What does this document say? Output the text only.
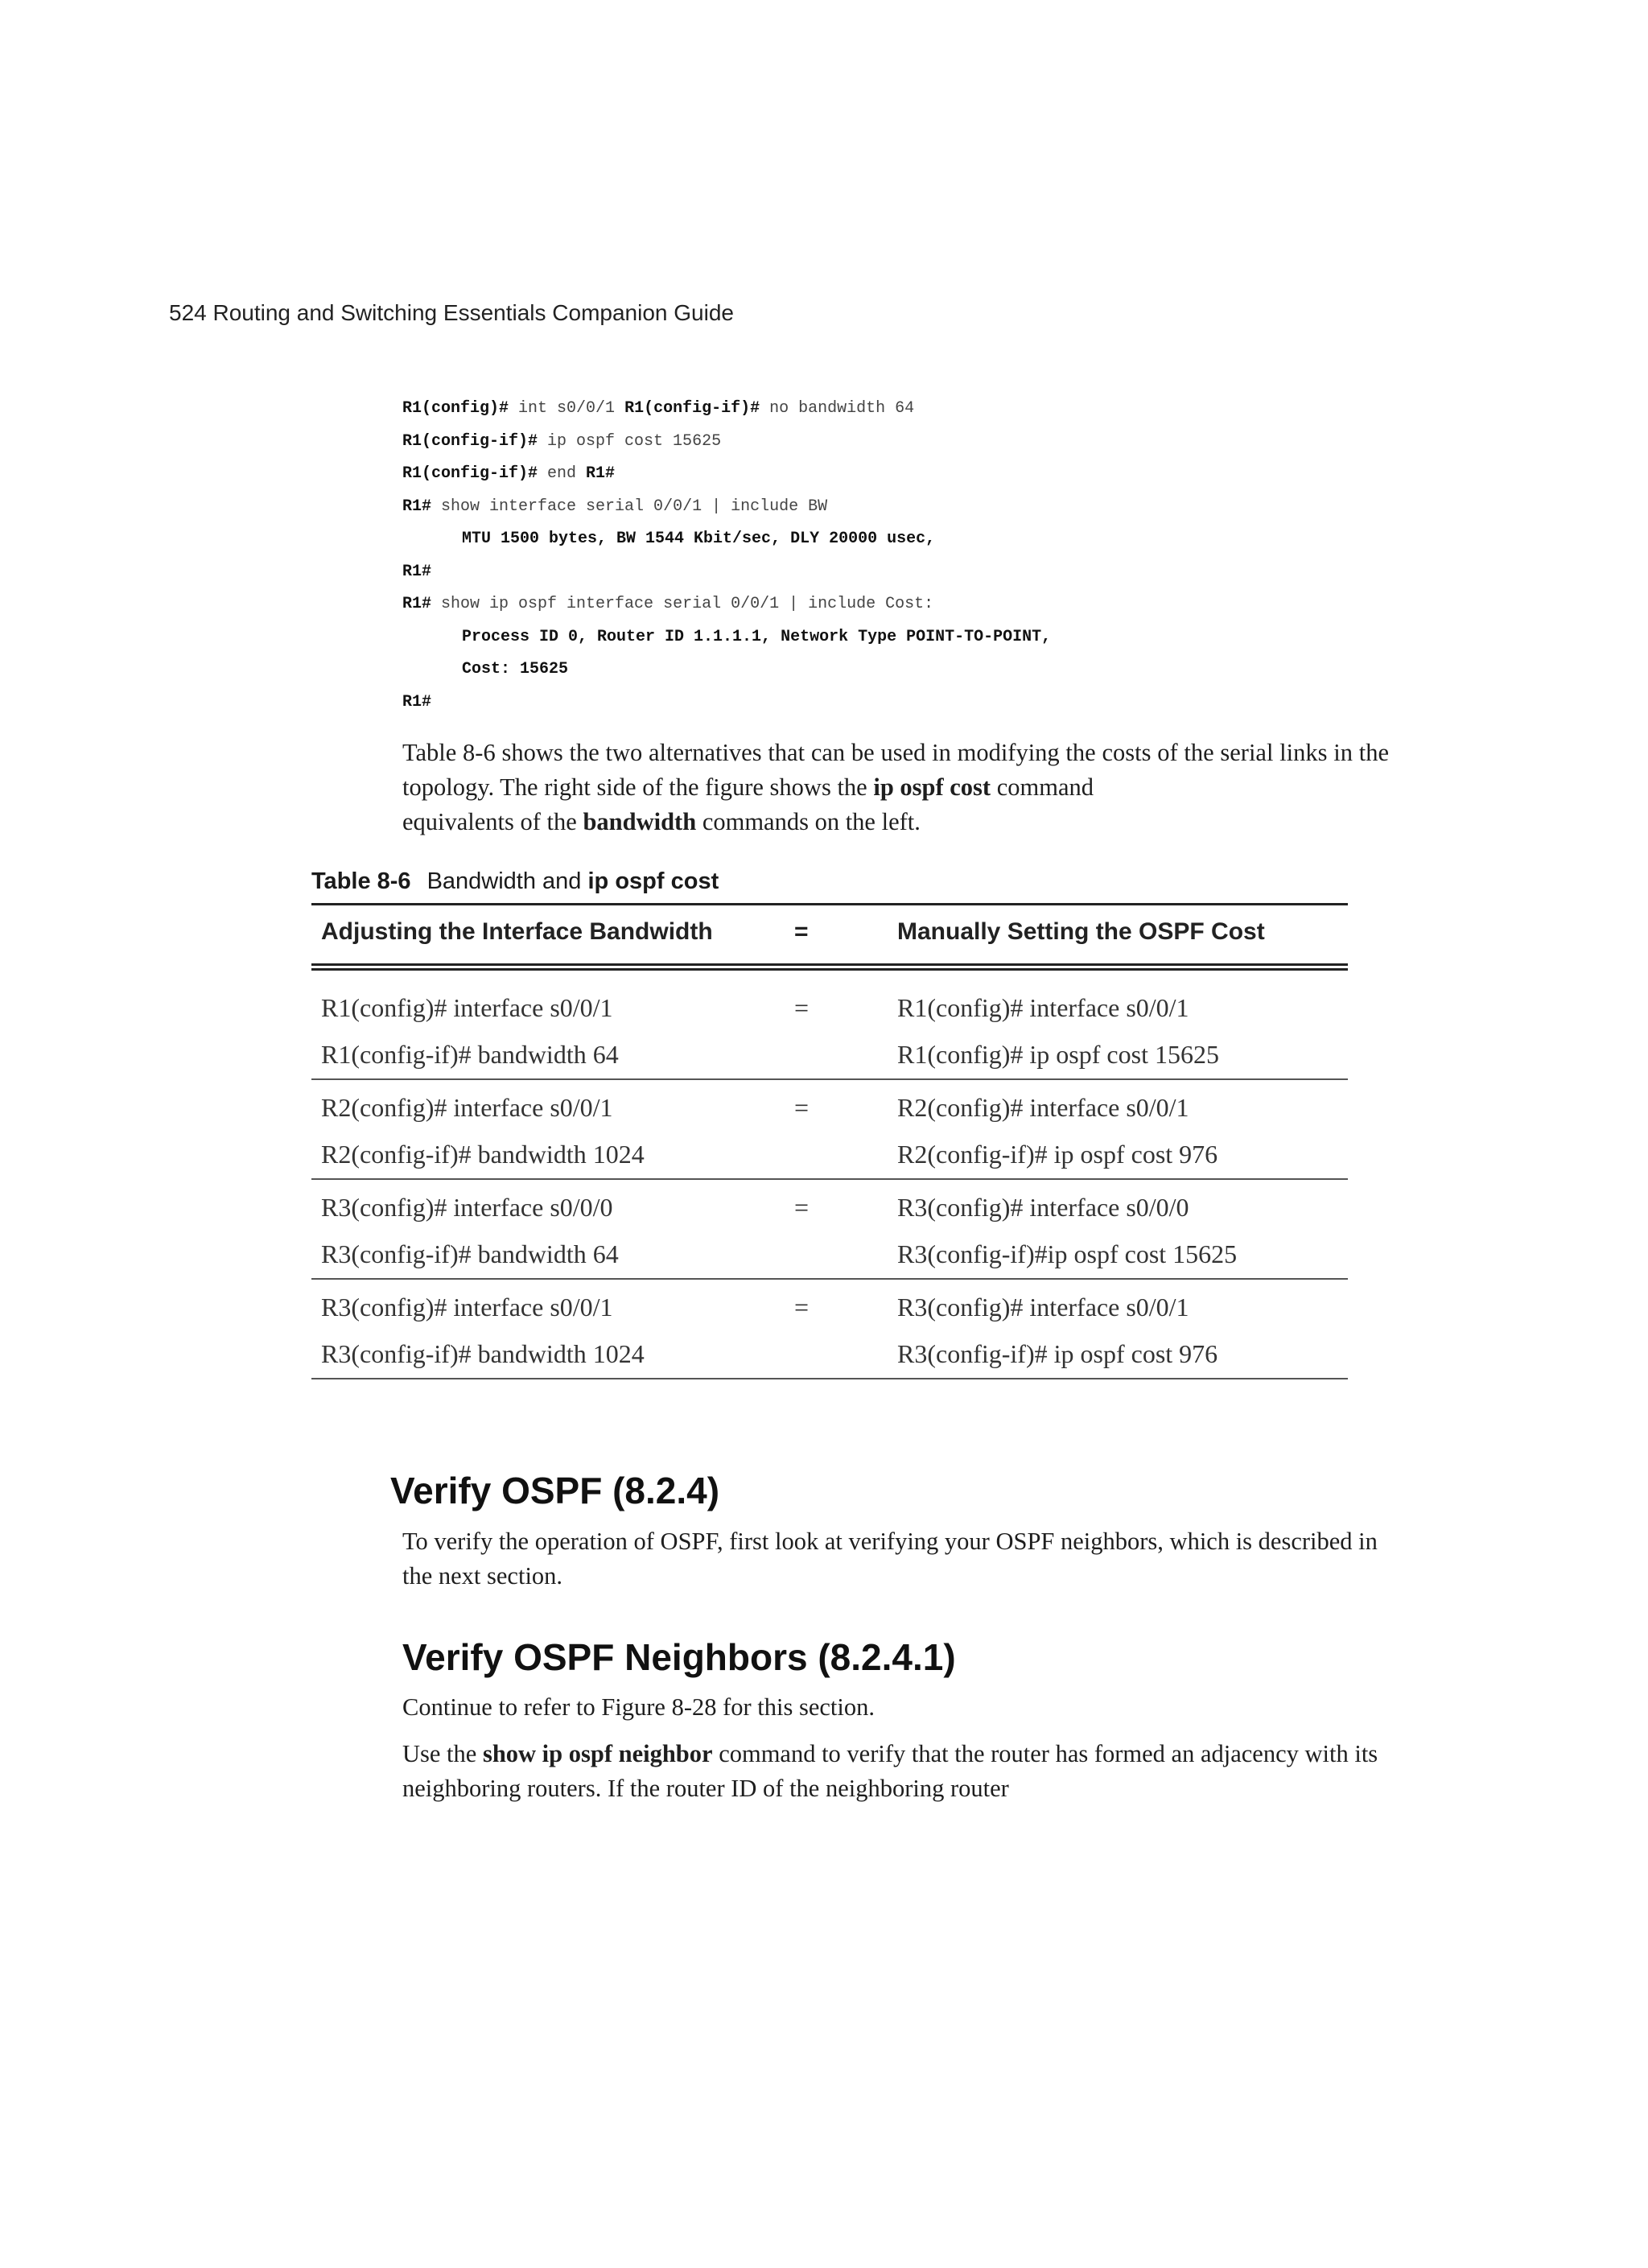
524 Routing and Switching Essentials Companion Guide
R1(config)# int s0/0/1 R1(config-if)# no bandwidth 64
R1(config-if)# ip ospf cost 15625
R1(config-if)# end R1#
R1# show interface serial 0/0/1 | include BW
MTU 1500 bytes, BW 1544 Kbit/sec, DLY 20000 usec,
R1#
R1# show ip ospf interface serial 0/0/1 | include Cost:
Process ID 0, Router ID 1.1.1.1, Network Type POINT-TO-POINT,
Cost: 15625
R1#
Table 8-6 shows the two alternatives that can be used in modifying the costs of the serial links in the topology. The right side of the figure shows the ip ospf cost command
equivalents of the bandwidth commands on the left.
Table 8-6 Bandwidth and ip ospf cost
Adjusting the Interface Bandwidth	=	Manually Setting the OSPF Cost
R1(config)# interface s0/0/1	=	R1(config)# interface s0/0/1
R1(config-if)# bandwidth 64	R1(config)# ip ospf cost 15625
R2(config)# interface s0/0/1	=	R2(config)# interface s0/0/1
R2(config-if)# bandwidth 1024	R2(config-if)# ip ospf cost 976
R3(config)# interface s0/0/0	=	R3(config)# interface s0/0/0
R3(config-if)# bandwidth 64	R3(config-if)#ip ospf cost 15625
R3(config)# interface s0/0/1	=	R3(config)# interface s0/0/1
R3(config-if)# bandwidth 1024	R3(config-if)# ip ospf cost 976
Verify OSPF (8.2.4)
To verify the operation of OSPF, first look at verifying your OSPF neighbors, which is described in the next section.
Verify OSPF Neighbors (8.2.4.1)
Continue to refer to Figure 8-28 for this section.
Use the show ip ospf neighbor command to verify that the router has formed an adjacency with its neighboring routers. If the router ID of the neighboring router
